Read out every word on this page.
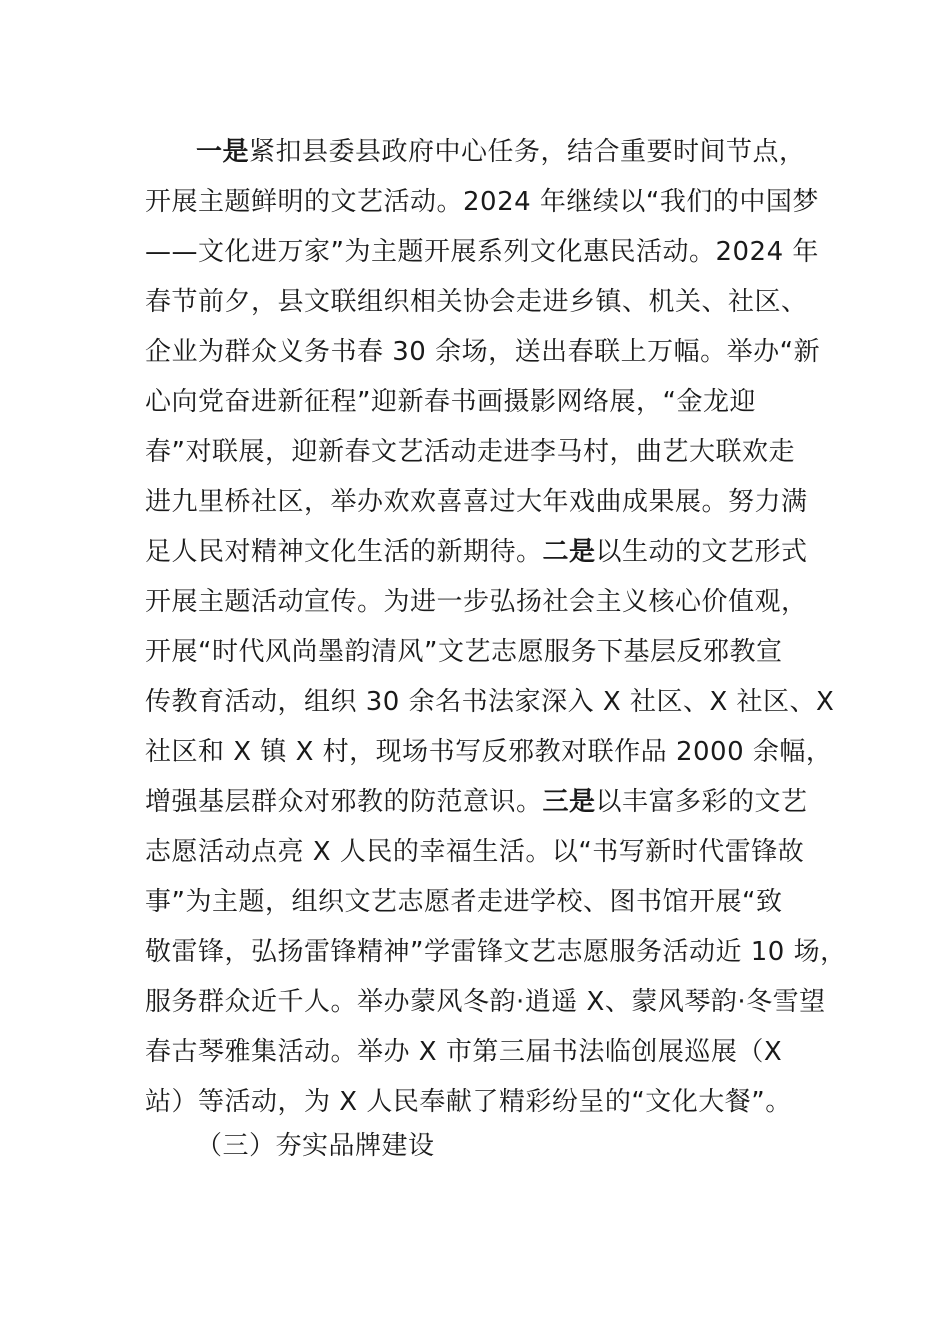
一是紧扣县委县政府中心任务，结合重要时间节点，
开展主题鲜明的文艺活动。2024 年继续以“我们的中国梦
——文化进万家”为主题开展系列文化惠民活动。2024 年
春节前夕，县文联组织相关协会走进乡镇、机关、社区、
企业为群众义务书春 30 余场，送出春联上万幅。举办“新
心向党奋进新征程”迎新春书画摄影网络展，“金龙迎
春”对联展，迎新春文艺活动走进李马村，曲艺大联欢走
进九里桥社区，举办欢欢喜喜过大年戏曲成果展。努力满
足人民对精神文化生活的新期待。二是以生动的文艺形式
开展主题活动宣传。为进一步弘扬社会主义核心价值观，
开展“时代风尚墨韵清风”文艺志愿服务下基层反邪教宣
传教育活动，组织 30 余名书法家深入 X 社区、X 社区、X
社区和 X 镇 X 村，现场书写反邪教对联作品 2000 余幅，
增强基层群众对邪教的防范意识。三是以丰富多彩的文艺
志愿活动点亮 X 人民的幸福生活。以“书写新时代雷锋故
事”为主题，组织文艺志愿者走进学校、图书馆开展“致
敬雷锋，弘扬雷锋精神”学雷锋文艺志愿服务活动近 10 场，
服务群众近千人。举办蒙风冬韵·逍遥 X、蒙风琴韵·冬雪望
春古琴雅集活动。举办 X 市第三届书法临创展巡展（X
站）等活动，为 X 人民奉献了精彩纷呈的“文化大餐”。
（三）夯实品牌建设
